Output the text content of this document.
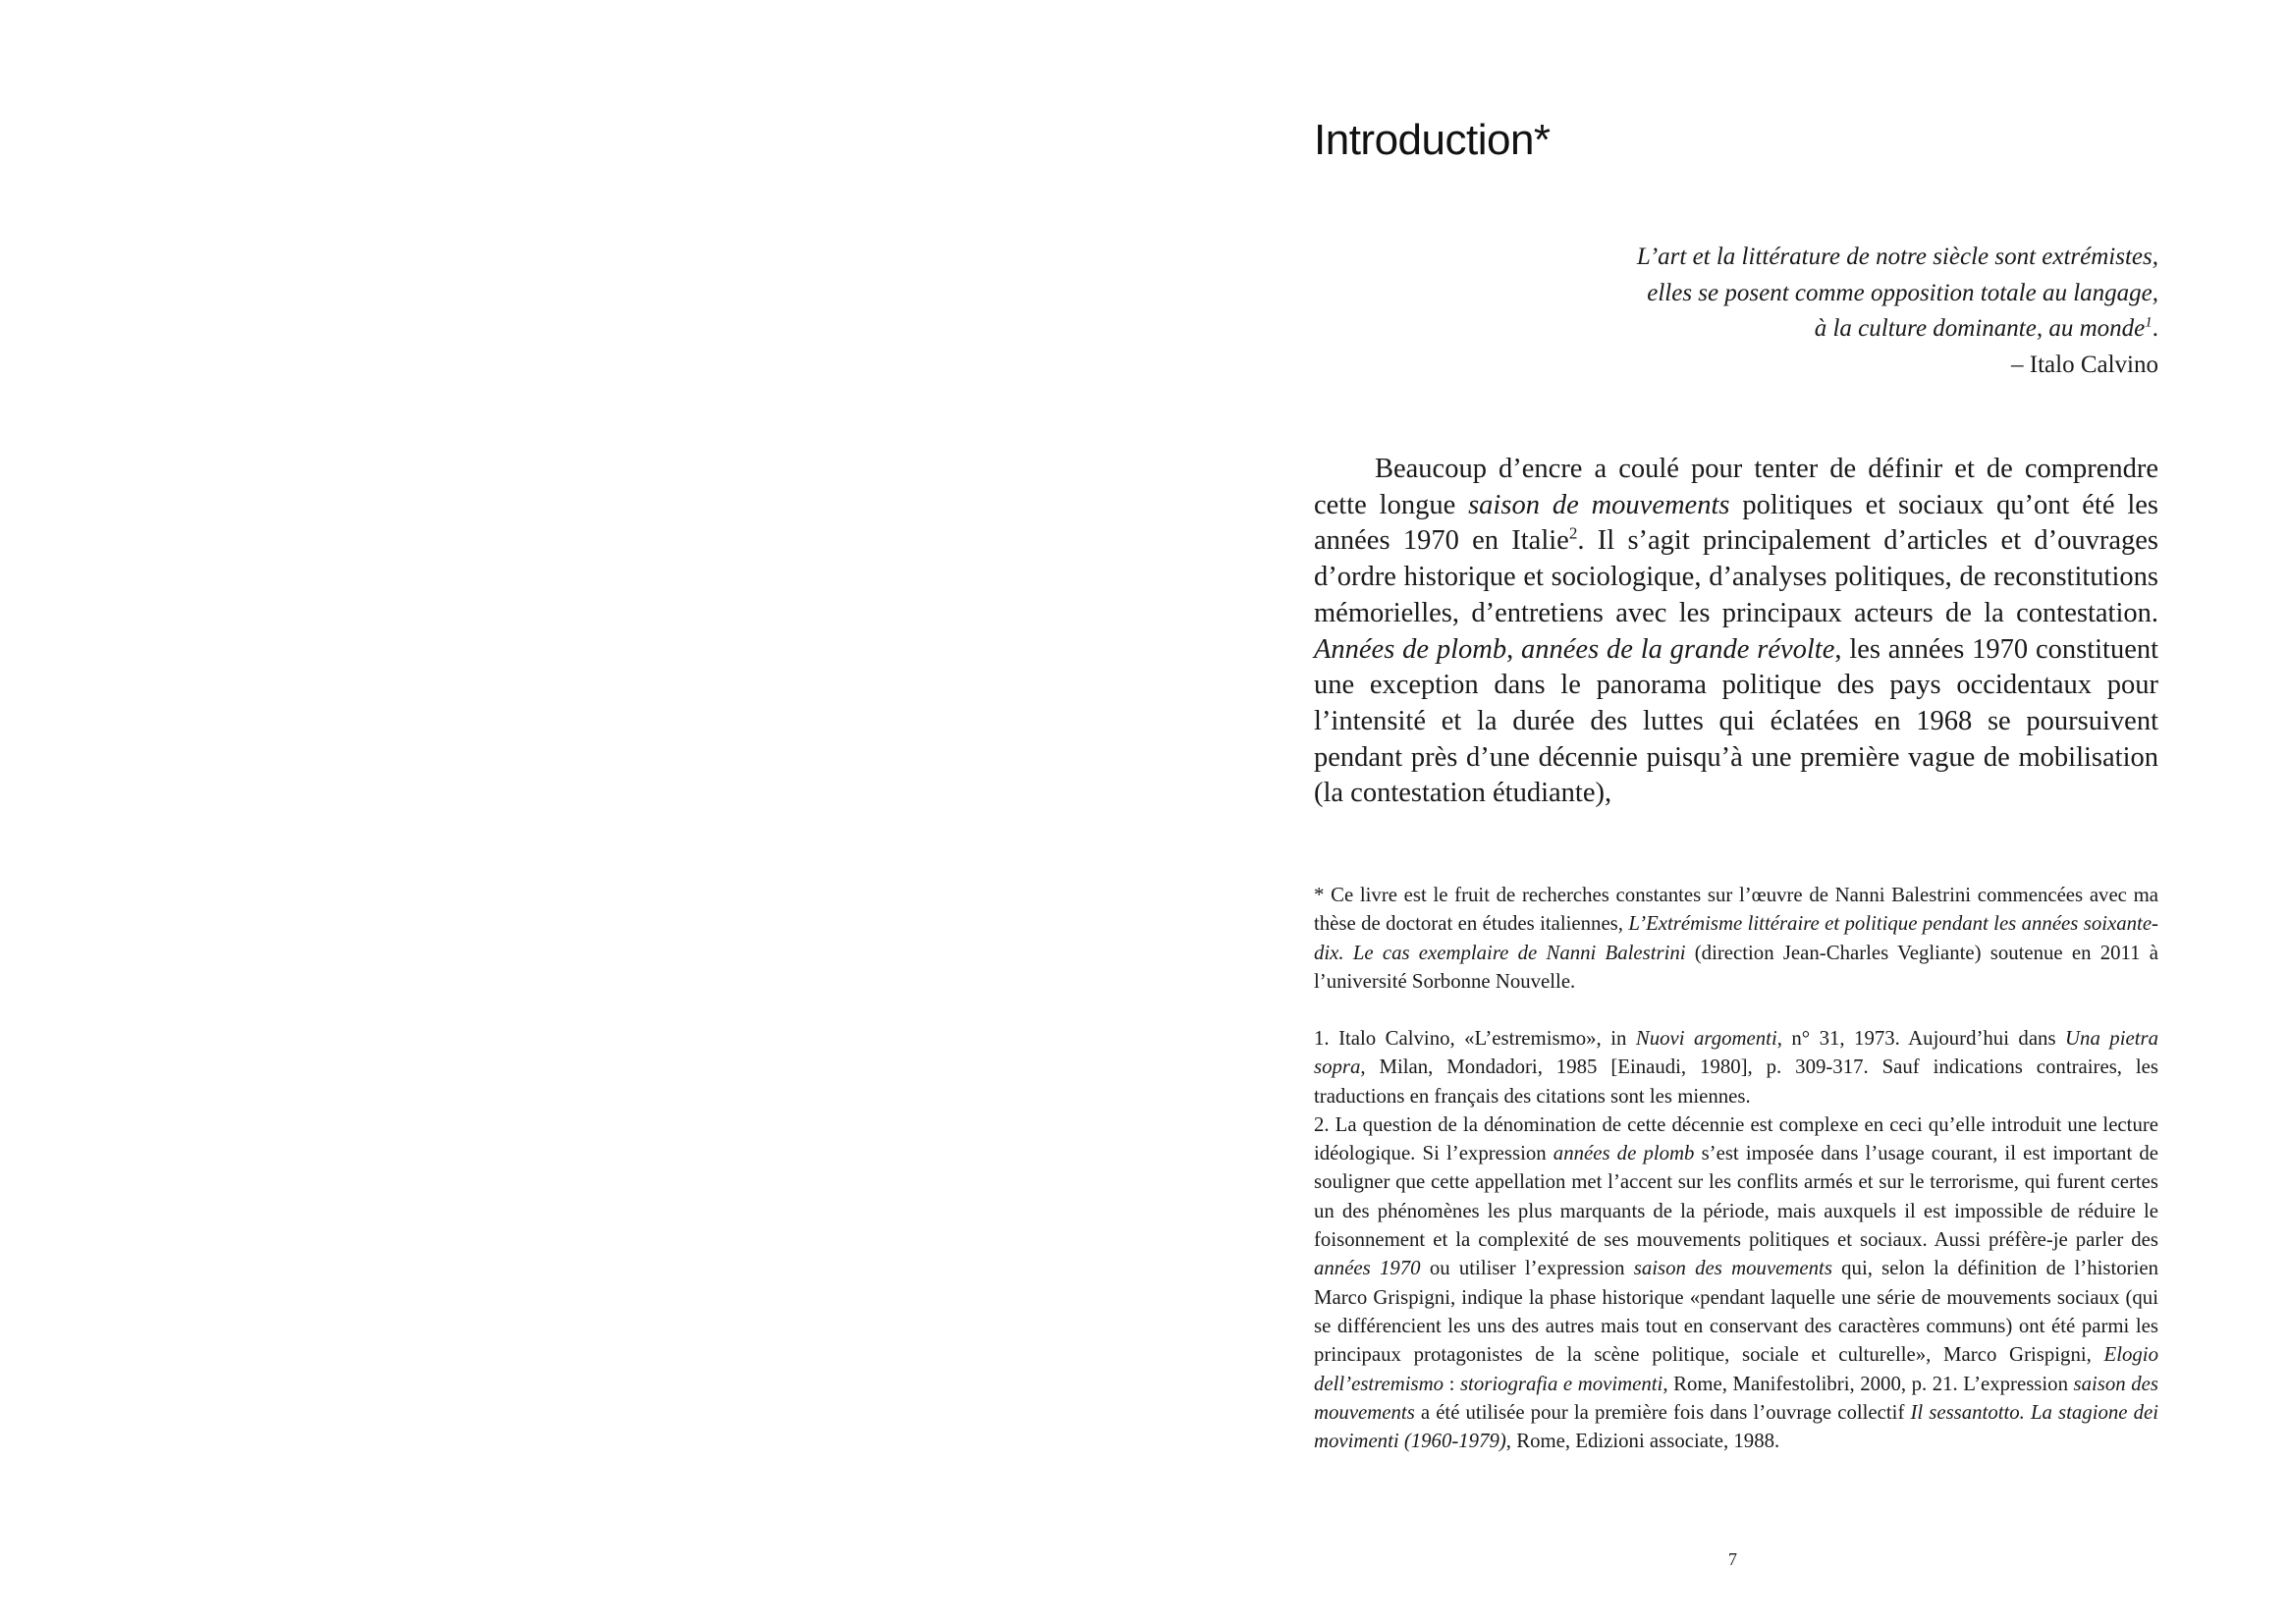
Introduction*
L’art et la littérature de notre siècle sont extrémistes,
elles se posent comme opposition totale au langage,
à la culture dominante, au monde$^1$.
– Italo Calvino

Beaucoup d’encre a coulé pour tenter de définir et de comprendre cette longue saison de mouvements politiques et sociaux qu’ont été les années 1970 en Italie$^2$. Il s’agit principalement d’articles et d’ouvrages d’ordre historique et sociologique, d’analyses politiques, de reconstitutions mémorielles, d’entretiens avec les principaux acteurs de la contestation. Années de plomb, années de la grande révolte, les années 1970 constituent une exception dans le panorama politique des pays occidentaux pour l’intensité et la durée des luttes qui éclatées en 1968 se poursuivent pendant près d’une décennie puisqu’à une première vague de mobilisation (la contestation étudiante),

* Ce livre est le fruit de recherches constantes sur l’œuvre de Nanni Balestrini commencées avec ma thèse de doctorat en études italiennes, L’Extrémisme littéraire et politique pendant les années soixante-dix. Le cas exemplaire de Nanni Balestrini (direction Jean-Charles Vegliante) soutenue en 2011 à l’université Sorbonne Nouvelle.

1. Italo Calvino, «L’estremismo», in Nuovi argomenti, n° 31, 1973. Aujourd’hui dans Una pietra sopra, Milan, Mondadori, 1985 [Einaudi, 1980], p. 309-317. Sauf indications contraires, les traductions en français des citations sont les miennes.

2. La question de la dénomination de cette décennie est complexe en ceci qu’elle introduit une lecture idéologique. Si l’expression années de plomb s’est imposée dans l’usage courant, il est important de souligner que cette appellation met l’accent sur les conflits armés et sur le terrorisme, qui furent certes un des phénomènes les plus marquants de la période, mais auxquels il est impossible de réduire le foisonnement et la complexité de ses mouvements politiques et sociaux. Aussi préfère-je parler des années 1970 ou utiliser l’expression saison des mouvements qui, selon la définition de l’historien Marco Grispigni, indique la phase historique «pendant laquelle une série de mouvements sociaux (qui se différencient les uns des autres mais tout en conservant des caractères communs) ont été parmi les principaux protagonistes de la scène politique, sociale et culturelle», Marco Grispigni, Elogio dell’estremismo : storiografia e movimenti, Rome, Manifestolibri, 2000, p. 21. L’expression saison des mouvements a été utilisée pour la première fois dans l’ouvrage collectif Il sessantotto. La stagione dei movimenti (1960-1979), Rome, Edizioni associate, 1988.

7
